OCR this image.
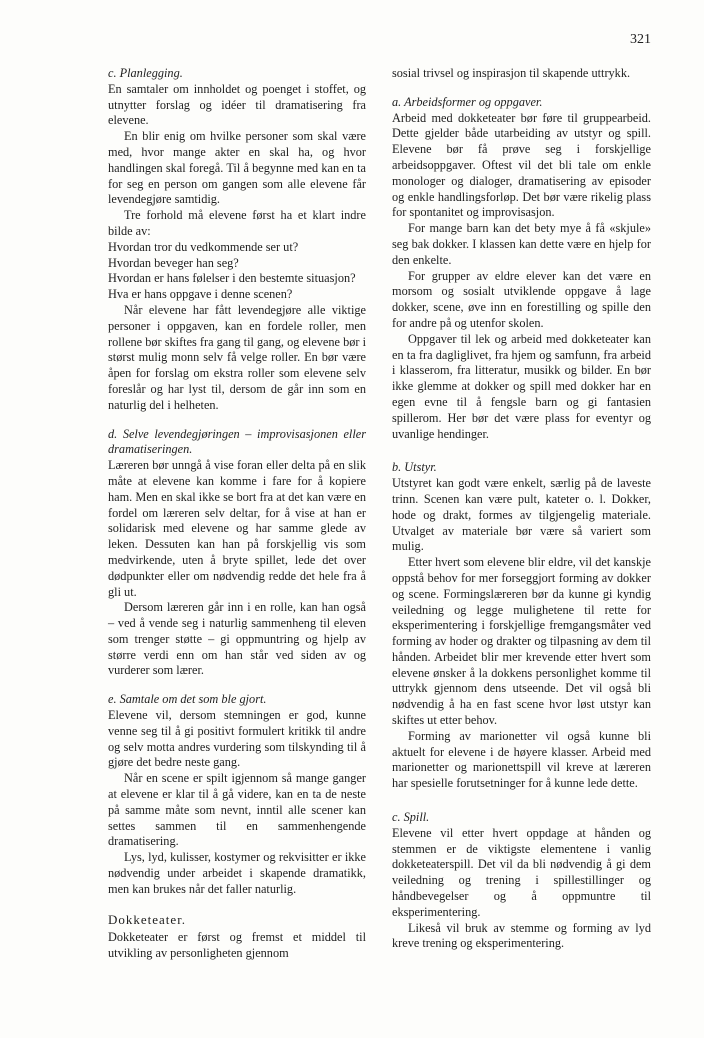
321

c. Planlegging.

En samtaler om innholdet og poenget i stoffet, og utnytter forslag og idéer til dramatisering fra elevene.

En blir enig om hvilke personer som skal være med, hvor mange akter en skal ha, og hvor handlingen skal foregå. Til å begynne med kan en ta for seg en person om gangen som alle elevene får levendegjøre samtidig.

Tre forhold må elevene først ha et klart indre bilde av:

Hvordan tror du vedkommende ser ut?

Hvordan beveger han seg?

Hvordan er hans følelser i den bestemte situasjon?

Hva er hans oppgave i denne scenen?

Når elevene har fått levendegjøre alle viktige personer i oppgaven, kan en fordele roller, men rollene bør skiftes fra gang til gang, og elevene bør i størst mulig monn selv få velge roller. En bør være åpen for forslag om ekstra roller som elevene selv foreslår og har lyst til, dersom de går inn som en naturlig del i helheten.

d. Selve levendegjøringen – improvisasjonen eller dramatiseringen.

Læreren bør unngå å vise foran eller delta på en slik måte at elevene kan komme i fare for å kopiere ham. Men en skal ikke se bort fra at det kan være en fordel om læreren selv deltar, for å vise at han er solidarisk med elevene og har samme glede av leken. Dessuten kan han på forskjellig vis som medvirkende, uten å bryte spillet, lede det over dødpunkter eller om nødvendig redde det hele fra å gli ut.

Dersom læreren går inn i en rolle, kan han også – ved å vende seg i naturlig sammenheng til eleven som trenger støtte – gi oppmuntring og hjelp av større verdi enn om han står ved siden av og vurderer som lærer.

e. Samtale om det som ble gjort.

Elevene vil, dersom stemningen er god, kunne venne seg til å gi positivt formulert kritikk til andre og selv motta andres vurdering som tilskynding til å gjøre det bedre neste gang.

Når en scene er spilt igjennom så mange ganger at elevene er klar til å gå videre, kan en ta de neste på samme måte som nevnt, inntil alle scener kan settes sammen til en sammenhengende dramatisering.

Lys, lyd, kulisser, kostymer og rekvisitter er ikke nødvendig under arbeidet i skapende dramatikk, men kan brukes når det faller naturlig.

Dokketeater.

Dokketeater er først og fremst et middel til utvikling av personligheten gjennom

sosial trivsel og inspirasjon til skapende uttrykk.

a. Arbeidsformer og oppgaver.

Arbeid med dokketeater bør føre til gruppearbeid. Dette gjelder både utarbeiding av utstyr og spill. Elevene bør få prøve seg i forskjellige arbeidsoppgaver. Oftest vil det bli tale om enkle monologer og dialoger, dramatisering av episoder og enkle handlingsforløp. Det bør være rikelig plass for spontanitet og improvisasjon.

For mange barn kan det bety mye å få «skjule» seg bak dokker. I klassen kan dette være en hjelp for den enkelte.

For grupper av eldre elever kan det være en morsom og sosialt utviklende oppgave å lage dokker, scene, øve inn en forestilling og spille den for andre på og utenfor skolen.

Oppgaver til lek og arbeid med dokketeater kan en ta fra dagliglivet, fra hjem og samfunn, fra arbeid i klasserom, fra litteratur, musikk og bilder. En bør ikke glemme at dokker og spill med dokker har en egen evne til å fengsle barn og gi fantasien spillerom. Her bør det være plass for eventyr og uvanlige hendinger.

b. Utstyr.

Utstyret kan godt være enkelt, særlig på de laveste trinn. Scenen kan være pult, kateter o. l. Dokker, hode og drakt, formes av tilgjengelig materiale. Utvalget av materiale bør være så variert som mulig.

Etter hvert som elevene blir eldre, vil det kanskje oppstå behov for mer forseggjort forming av dokker og scene. Formingslæreren bør da kunne gi kyndig veiledning og legge mulighetene til rette for eksperimentering i forskjellige fremgangsmåter ved forming av hoder og drakter og tilpasning av dem til hånden. Arbeidet blir mer krevende etter hvert som elevene ønsker å la dokkens personlighet komme til uttrykk gjennom dens utseende. Det vil også bli nødvendig å ha en fast scene hvor løst utstyr kan skiftes ut etter behov.

Forming av marionetter vil også kunne bli aktuelt for elevene i de høyere klasser. Arbeid med marionetter og marionettspill vil kreve at læreren har spesielle forutsetninger for å kunne lede dette.

c. Spill.

Elevene vil etter hvert oppdage at hånden og stemmen er de viktigste elementene i vanlig dokketeaterspill. Det vil da bli nødvendig å gi dem veiledning og trening i spillestillinger og håndbevegelser og å oppmuntre til eksperimentering.

Likeså vil bruk av stemme og forming av lyd kreve trening og eksperimentering.
